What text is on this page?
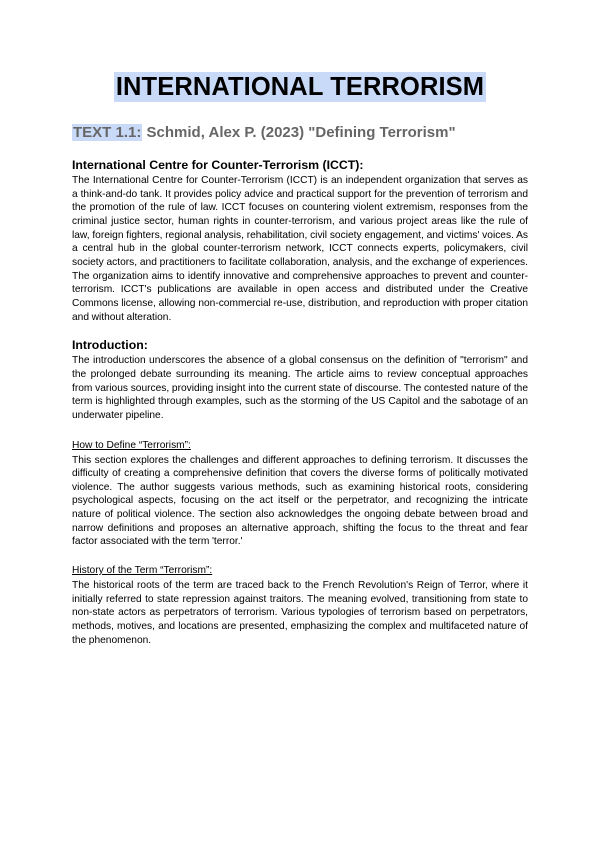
INTERNATIONAL TERRORISM
TEXT 1.1: Schmid, Alex P. (2023) "Defining Terrorism"
International Centre for Counter-Terrorism (ICCT):

The International Centre for Counter-Terrorism (ICCT) is an independent organization that serves as a think-and-do tank. It provides policy advice and practical support for the prevention of terrorism and the promotion of the rule of law. ICCT focuses on countering violent extremism, responses from the criminal justice sector, human rights in counter-terrorism, and various project areas like the rule of law, foreign fighters, regional analysis, rehabilitation, civil society engagement, and victims' voices. As a central hub in the global counter-terrorism network, ICCT connects experts, policymakers, civil society actors, and practitioners to facilitate collaboration, analysis, and the exchange of experiences. The organization aims to identify innovative and comprehensive approaches to prevent and counter-terrorism. ICCT's publications are available in open access and distributed under the Creative Commons license, allowing non-commercial re-use, distribution, and reproduction with proper citation and without alteration.

Introduction:

The introduction underscores the absence of a global consensus on the definition of "terrorism" and the prolonged debate surrounding its meaning. The article aims to review conceptual approaches from various sources, providing insight into the current state of discourse. The contested nature of the term is highlighted through examples, such as the storming of the US Capitol and the sabotage of an underwater pipeline.

How to Define “Terrorism”:

This section explores the challenges and different approaches to defining terrorism. It discusses the difficulty of creating a comprehensive definition that covers the diverse forms of politically motivated violence. The author suggests various methods, such as examining historical roots, considering psychological aspects, focusing on the act itself or the perpetrator, and recognizing the intricate nature of political violence. The section also acknowledges the ongoing debate between broad and narrow definitions and proposes an alternative approach, shifting the focus to the threat and fear factor associated with the term 'terror.'

History of the Term “Terrorism”:

The historical roots of the term are traced back to the French Revolution's Reign of Terror, where it initially referred to state repression against traitors. The meaning evolved, transitioning from state to non-state actors as perpetrators of terrorism. Various typologies of terrorism based on perpetrators, methods, motives, and locations are presented, emphasizing the complex and multifaceted nature of the phenomenon.
